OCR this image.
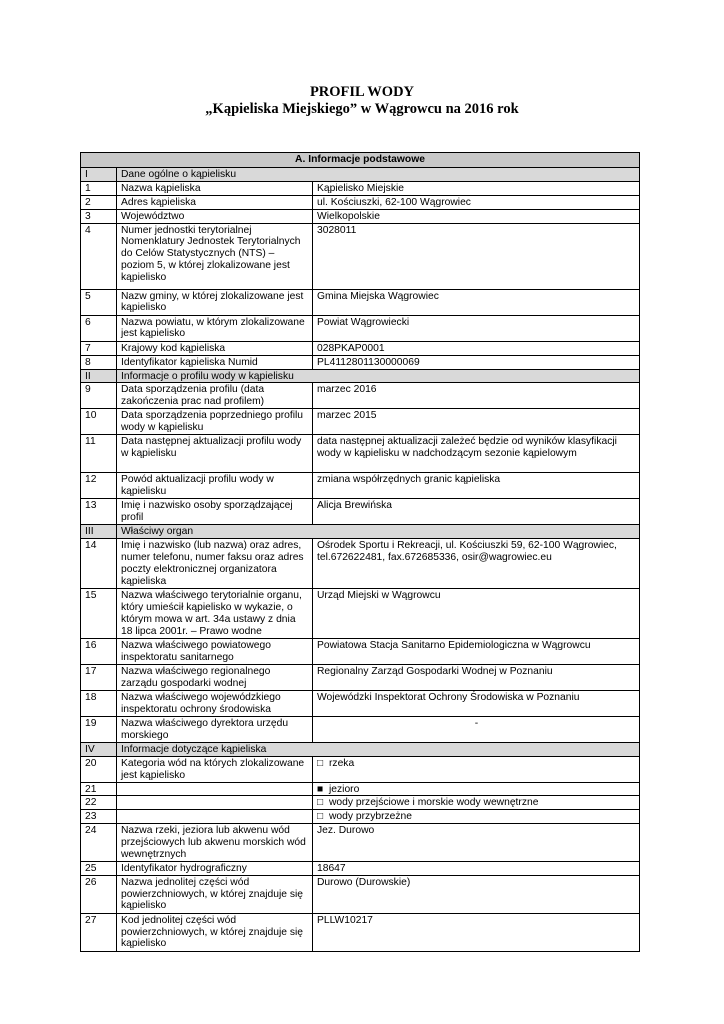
PROFIL WODY
„Kąpieliska Miejskiego” w Wągrowcu na 2016 rok
A. Informacje podstawowe		
I	Dane ogólne o kąpielisku	
1	Nazwa kąpieliska	Kąpielisko Miejskie
2	Adres kąpieliska	ul. Kościuszki, 62-100 Wągrowiec
3	Województwo	Wielkopolskie
4	Numer jednostki terytorialnej Nomenklatury Jednostek Terytorialnych do Celów Statystycznych (NTS) – poziom 5, w której zlokalizowane jest kąpielisko	3028011
5	Nazw gminy, w której zlokalizowane jest kąpielisko	Gmina Miejska Wągrowiec
6	Nazwa powiatu, w którym zlokalizowane jest kąpielisko	Powiat Wągrowiecki
7	Krajowy kod kąpieliska	028PKAP0001
8	Identyfikator kąpieliska Numid	PL4112801130000069
II	Informacje o profilu wody w kąpielisku	
9	Data sporządzenia profilu (data zakończenia prac nad profilem)	marzec 2016
10	Data sporządzenia poprzedniego profilu wody w kąpielisku	marzec 2015
11	Data następnej aktualizacji profilu wody w kąpielisku	data następnej aktualizacji zależeć będzie od wyników klasyfikacji wody w kąpielisku w nadchodzącym sezonie kąpielowym
12	Powód aktualizacji profilu wody w kąpielisku	zmiana współrzędnych granic kąpieliska
13	Imię i nazwisko osoby sporządzającej profil	Alicja Brewińska
III	Właściwy organ	
14	Imię i nazwisko (lub nazwa) oraz adres, numer telefonu, numer faksu oraz adres poczty elektronicznej organizatora kąpieliska	Ośrodek Sportu i Rekreacji, ul. Kościuszki 59, 62-100 Wągrowiec, tel.672622481, fax.672685336, osir@wagrowiec.eu
15	Nazwa właściwego terytorialnie organu, który umieścił kąpielisko w wykazie, o którym mowa w art. 34a ustawy z dnia 18 lipca 2001r. – Prawo wodne	Urząd Miejski w Wągrowcu
16	Nazwa właściwego powiatowego inspektoratu sanitarnego	Powiatowa Stacja Sanitarno Epidemiologiczna w Wągrowcu
17	Nazwa właściwego regionalnego zarządu gospodarki wodnej	Regionalny Zarząd Gospodarki Wodnej w Poznaniu
18	Nazwa właściwego wojewódzkiego inspektoratu ochrony środowiska	Wojewódzki Inspektorat Ochrony Środowiska w Poznaniu
19	Nazwa właściwego dyrektora urzędu morskiego	-
IV	Informacje dotyczące kąpieliska	
20	Kategoria wód na których zlokalizowane jest kąpielisko	□ rzeka
21		■ jezioro
22		□ wody przejściowe i morskie wody wewnętrzne
23		□ wody przybrzeżne
24	Nazwa rzeki, jeziora lub akwenu wód przejściowych lub akwenu morskich wód wewnętrznych	Jez. Durowo
25	Identyfikator hydrograficzny	18647
26	Nazwa jednolitej części wód powierzchniowych, w której znajduje się kąpielisko	Durowo (Durowskie)
27	Kod jednolitej części wód powierzchniowych, w której znajduje się kąpielisko	PLLW10217
